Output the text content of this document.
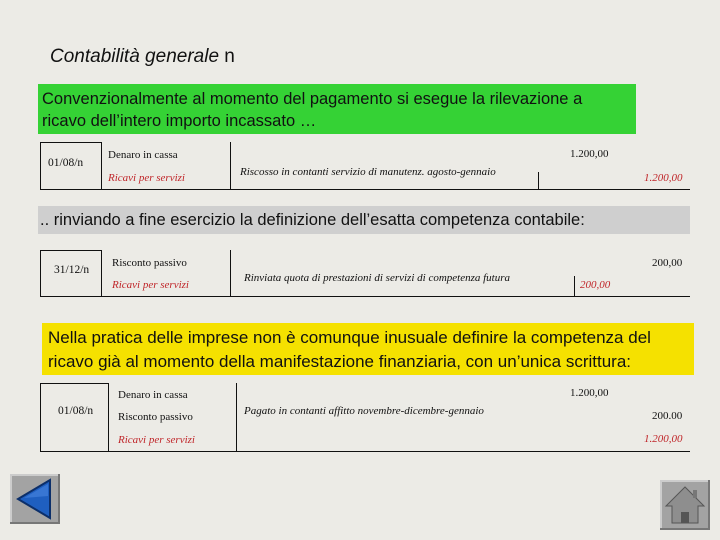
Contabilità generale n
Convenzionalmente al momento del pagamento si esegue la rilevazione a
ricavo dell’intero importo incassato …
01/08/n
Denaro in cassa
Ricavi per servizi	Riscosso in contanti servizio di manutenz. agosto-gennaio
1.200,00
1.200,00
.. rinviando a fine esercizio la definizione dell’esatta competenza contabile:
31/12/n
Risconto passivo
Ricavi per servizi
Rinviata quota di prestazioni di servizi di competenza futura
200,00
200,00
Nella pratica delle imprese non è comunque inusuale definire la competenza del
ricavo già al momento della manifestazione finanziaria, con un’unica scrittura:
01/08/n
Denaro in cassa
Risconto passivo
Ricavi per servizi
Pagato in contanti affitto novembre-dicembre-gennaio
1.200,00
200.00
1.200,00
